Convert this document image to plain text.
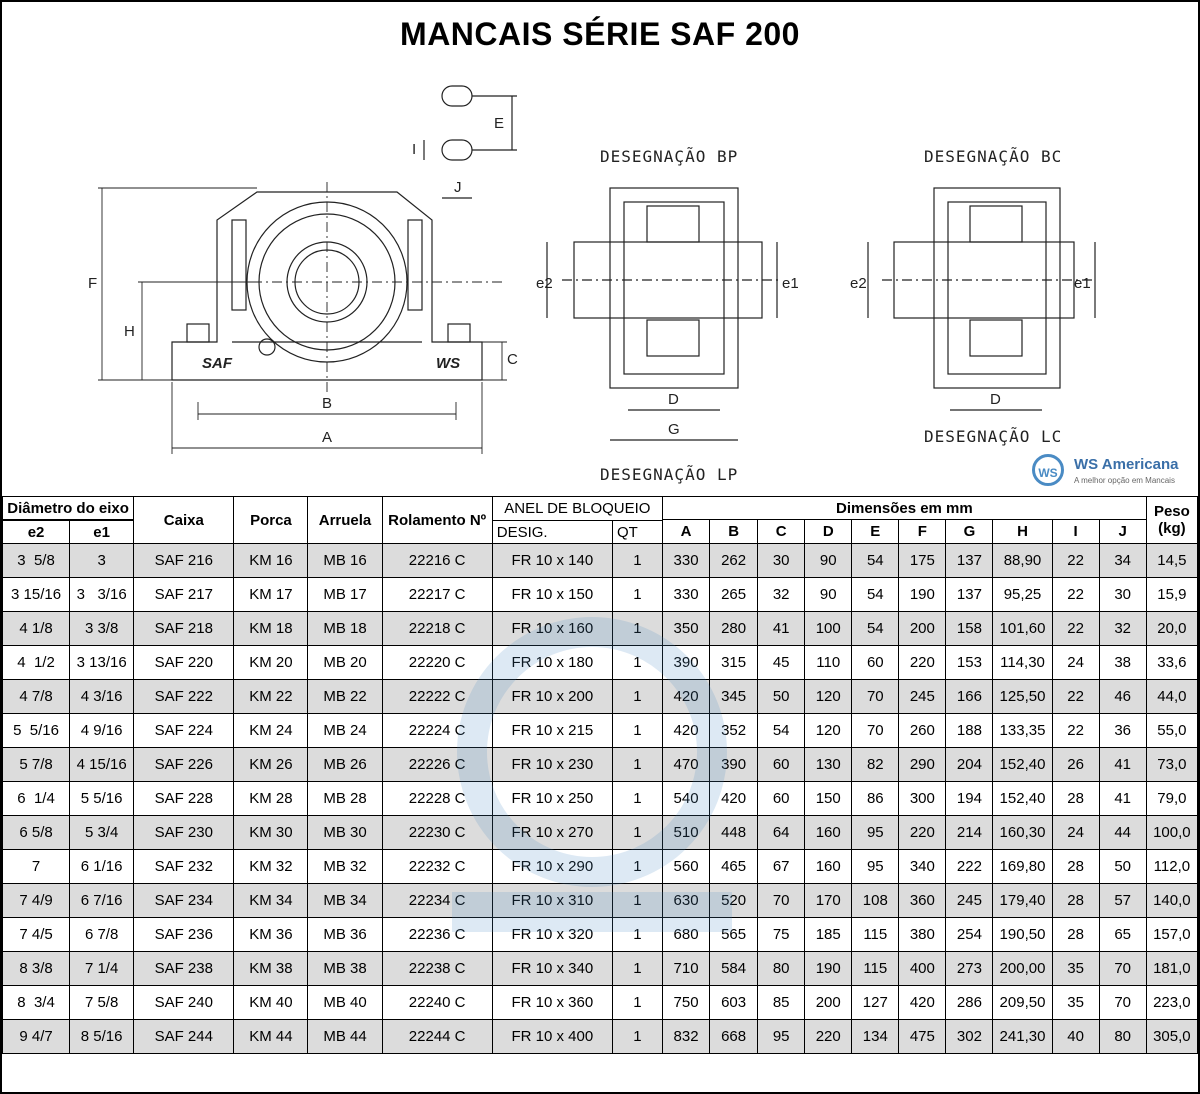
MANCAIS SÉRIE SAF 200
DESEGNAÇÃO BP	DESEGNAÇÃO BC
DESEGNAÇÃO LP
DESEGNAÇÃO LC
F
H
B
A
C
E
I
J
e2	e1
D
G
e2	e1
D
SAF	WS
WS	WS Americana
A melhor opção em Mancais
Diâmetro do eixo		Caixa	Porca	Arruela	Rolamento Nº	ANEL DE BLOQUEIO		Dimensões em mm										Peso (kg)
								A	B	C	D	E	F	G	H	I	J	
e2	e1					DESIG.	QT											
3  5/8	3	SAF 216	KM 16	MB 16	22216 C	FR 10 x 140	1	330	262	30	90	54	175	137	88,90	22	34	14,5
3 15/16	3   3/16	SAF 217	KM 17	MB 17	22217 C	FR 10 x 150	1	330	265	32	90	54	190	137	95,25	22	30	15,9
4 1/8	3 3/8	SAF 218	KM 18	MB 18	22218 C	FR 10 x 160	1	350	280	41	100	54	200	158	101,60	22	32	20,0
4  1/2	3 13/16	SAF 220	KM 20	MB 20	22220 C	FR 10 x 180	1	390	315	45	110	60	220	153	114,30	24	38	33,6
4 7/8	4 3/16	SAF 222	KM 22	MB 22	22222 C	FR 10 x 200	1	420	345	50	120	70	245	166	125,50	22	46	44,0
5  5/16	4 9/16	SAF 224	KM 24	MB 24	22224 C	FR 10 x 215	1	420	352	54	120	70	260	188	133,35	22	36	55,0
5 7/8	4 15/16	SAF 226	KM 26	MB 26	22226 C	FR 10 x 230	1	470	390	60	130	82	290	204	152,40	26	41	73,0
6  1/4	5 5/16	SAF 228	KM 28	MB 28	22228 C	FR 10 x 250	1	540	420	60	150	86	300	194	152,40	28	41	79,0
6 5/8	5 3/4	SAF 230	KM 30	MB 30	22230 C	FR 10 x 270	1	510	448	64	160	95	220	214	160,30	24	44	100,0
7	6 1/16	SAF 232	KM 32	MB 32	22232 C	FR 10 x 290	1	560	465	67	160	95	340	222	169,80	28	50	112,0
7 4/9	6 7/16	SAF 234	KM 34	MB 34	22234 C	FR 10 x 310	1	630	520	70	170	108	360	245	179,40	28	57	140,0
7 4/5	6 7/8	SAF 236	KM 36	MB 36	22236 C	FR 10 x 320	1	680	565	75	185	115	380	254	190,50	28	65	157,0
8 3/8	7 1/4	SAF 238	KM 38	MB 38	22238 C	FR 10 x 340	1	710	584	80	190	115	400	273	200,00	35	70	181,0
8  3/4	7 5/8	SAF 240	KM 40	MB 40	22240 C	FR 10 x 360	1	750	603	85	200	127	420	286	209,50	35	70	223,0
9 4/7	8 5/16	SAF 244	KM 44	MB 44	22244 C	FR 10 x 400	1	832	668	95	220	134	475	302	241,30	40	80	305,0
